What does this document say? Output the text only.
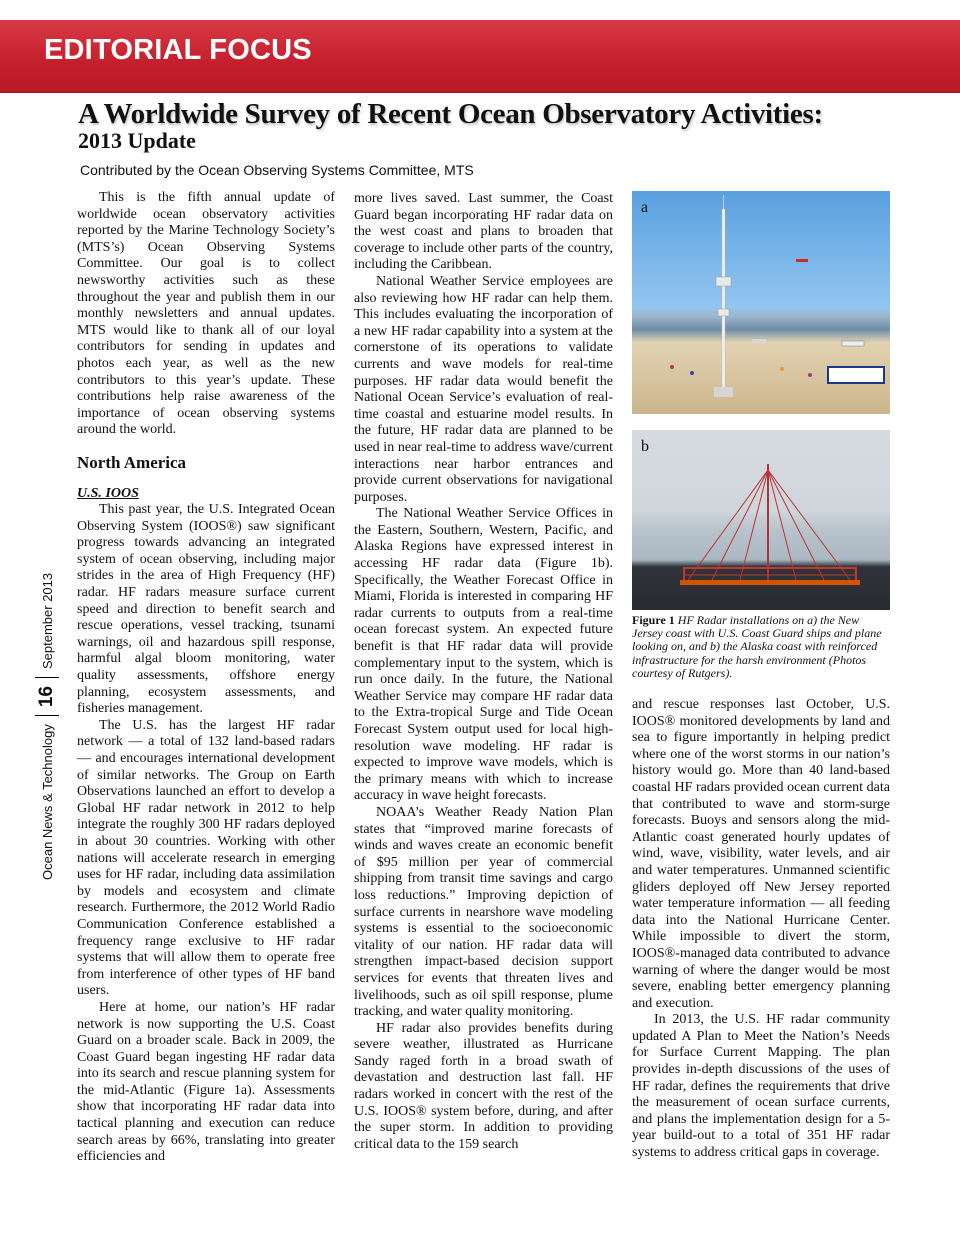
EDITORIAL FOCUS
A Worldwide Survey of Recent Ocean Observatory Activities:
2013 Update
Contributed by the Ocean Observing Systems Committee, MTS
Ocean News & Technology
16
September 2013

This is the fifth annual update of worldwide ocean observatory activities reported by the Marine Technology Society’s (MTS’s) Ocean Observing Systems Committee. Our goal is to collect newsworthy activities such as these throughout the year and publish them in our monthly newsletters and annual updates. MTS would like to thank all of our loyal contributors for sending in updates and photos each year, as well as the new contributors to this year’s update. These contributions help raise awareness of the importance of ocean observing systems around the world.

North America
U.S. IOOS

This past year, the U.S. Integrated Ocean Observing System (IOOS®) saw significant progress towards advancing an integrated system of ocean observing, including major strides in the area of High Frequency (HF) radar. HF radars measure surface current speed and direction to benefit search and rescue operations, vessel tracking, tsunami warnings, oil and hazardous spill response, harmful algal bloom monitoring, water quality assessments, offshore energy planning, ecosystem assessments, and fisheries management.

The U.S. has the largest HF radar network — a total of 132 land-based radars — and encourages international development of similar networks. The Group on Earth Observations launched an effort to develop a Global HF radar network in 2012 to help integrate the roughly 300 HF radars deployed in about 30 countries. Working with other nations will accelerate research in emerging uses for HF radar, including data assimilation by models and ecosystem and climate research. Furthermore, the 2012 World Radio Communication Conference established a frequency range exclusive to HF radar systems that will allow them to operate free from interference of other types of HF band users.

Here at home, our nation’s HF radar network is now supporting the U.S. Coast Guard on a broader scale. Back in 2009, the Coast Guard began ingesting HF radar data into its search and rescue planning system for the mid-Atlantic (Figure 1a). Assessments show that incorporating HF radar data into tactical planning and execution can reduce search areas by 66%, translating into greater efficiencies and

more lives saved. Last summer, the Coast Guard began incorporating HF radar data on the west coast and plans to broaden that coverage to include other parts of the country, including the Caribbean.

National Weather Service employees are also reviewing how HF radar can help them. This includes evaluating the incorporation of a new HF radar capability into a system at the cornerstone of its operations to validate currents and wave models for real-time purposes. HF radar data would benefit the National Ocean Service’s evaluation of real-time coastal and estuarine model results. In the future, HF radar data are planned to be used in near real-time to address wave/current interactions near harbor entrances and provide current observations for navigational purposes.

The National Weather Service Offices in the Eastern, Southern, Western, Pacific, and Alaska Regions have expressed interest in accessing HF radar data (Figure 1b). Specifically, the Weather Forecast Office in Miami, Florida is interested in comparing HF radar currents to outputs from a real-time ocean forecast system. An expected future benefit is that HF radar data will provide complementary input to the system, which is run once daily. In the future, the National Weather Service may compare HF radar data to the Extra-tropical Surge and Tide Ocean Forecast System output used for local high-resolution wave modeling. HF radar is expected to improve wave models, which is the primary means with which to increase accuracy in wave height forecasts.

NOAA’s Weather Ready Nation Plan states that “improved marine forecasts of winds and waves create an economic benefit of $95 million per year of commercial shipping from transit time savings and cargo loss reductions.” Improving depiction of surface currents in nearshore wave modeling systems is essential to the socioeconomic vitality of our nation. HF radar data will strengthen impact-based decision support services for events that threaten lives and livelihoods, such as oil spill response, plume tracking, and water quality monitoring.

HF radar also provides benefits during severe weather, illustrated as Hurricane Sandy raged forth in a broad swath of devastation and destruction last fall. HF radars worked in concert with the rest of the U.S. IOOS® system before, during, and after the super storm. In addition to providing critical data to the 159 search

a
b
Figure 1 HF Radar installations on a) the New Jersey coast with U.S. Coast Guard ships and plane looking on, and b) the Alaska coast with reinforced infrastructure for the harsh environment (Photos courtesy of Rutgers).

and rescue responses last October, U.S. IOOS® monitored developments by land and sea to figure importantly in helping predict where one of the worst storms in our nation’s history would go. More than 40 land-based coastal HF radars provided ocean current data that contributed to wave and storm-surge forecasts. Buoys and sensors along the mid-Atlantic coast generated hourly updates of wind, wave, visibility, water levels, and air and water temperatures. Unmanned scientific gliders deployed off New Jersey reported water temperature information — all feeding data into the National Hurricane Center. While impossible to divert the storm, IOOS®-managed data contributed to advance warning of where the danger would be most severe, enabling better emergency planning and execution.

In 2013, the U.S. HF radar community updated A Plan to Meet the Nation’s Needs for Surface Current Mapping. The plan provides in-depth discussions of the uses of HF radar, defines the requirements that drive the measurement of ocean surface currents, and plans the implementation design for a 5-year build-out to a total of 351 HF radar systems to address critical gaps in coverage.
